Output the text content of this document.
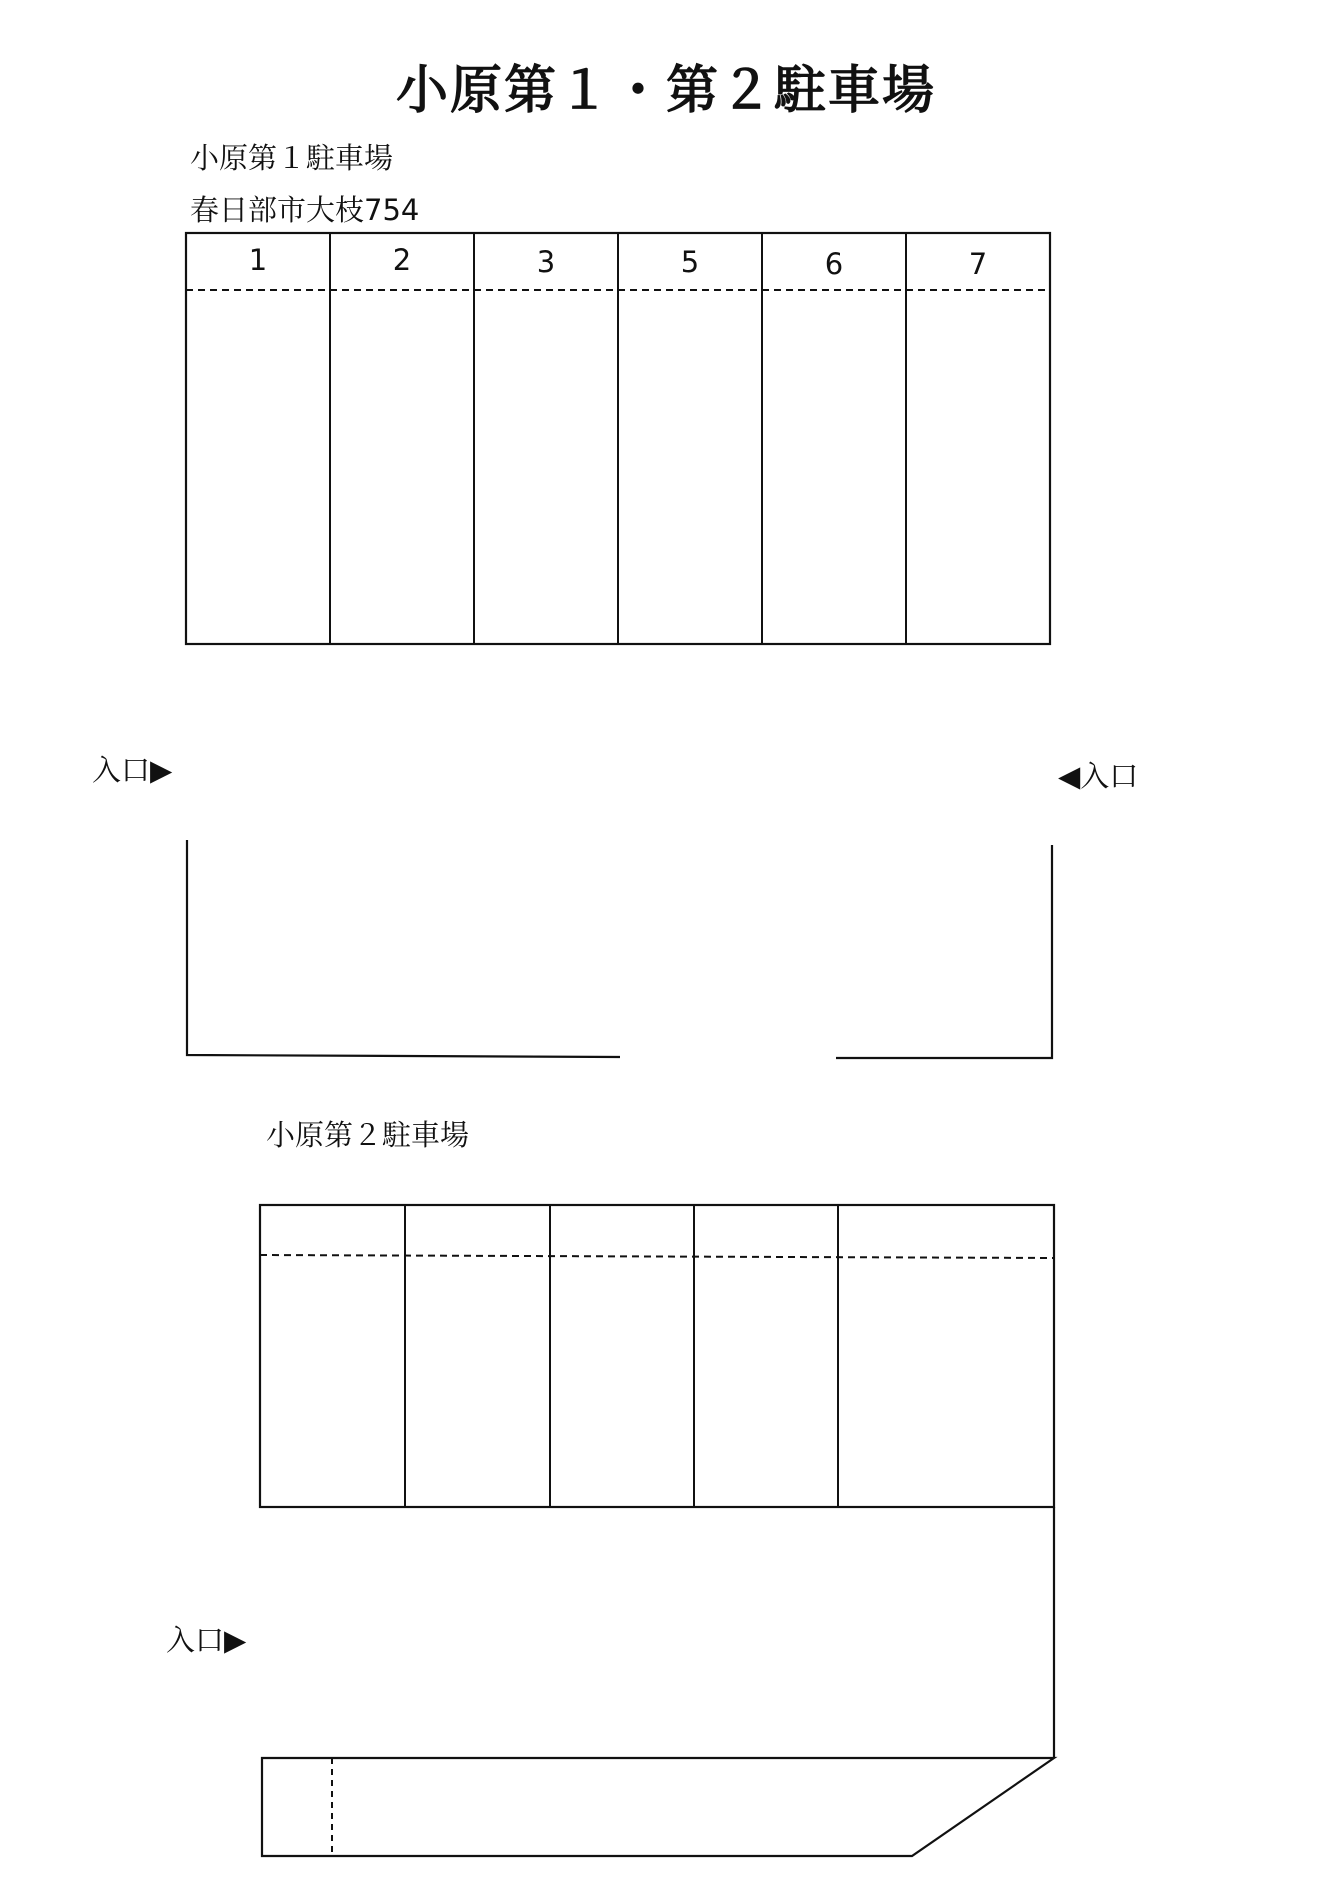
小原第１・第２駐車場
小原第１駐車場
春日部市大枝754
入口▶	◀入口
小原第２駐車場
入口▶
1	2	3	5	6	7
